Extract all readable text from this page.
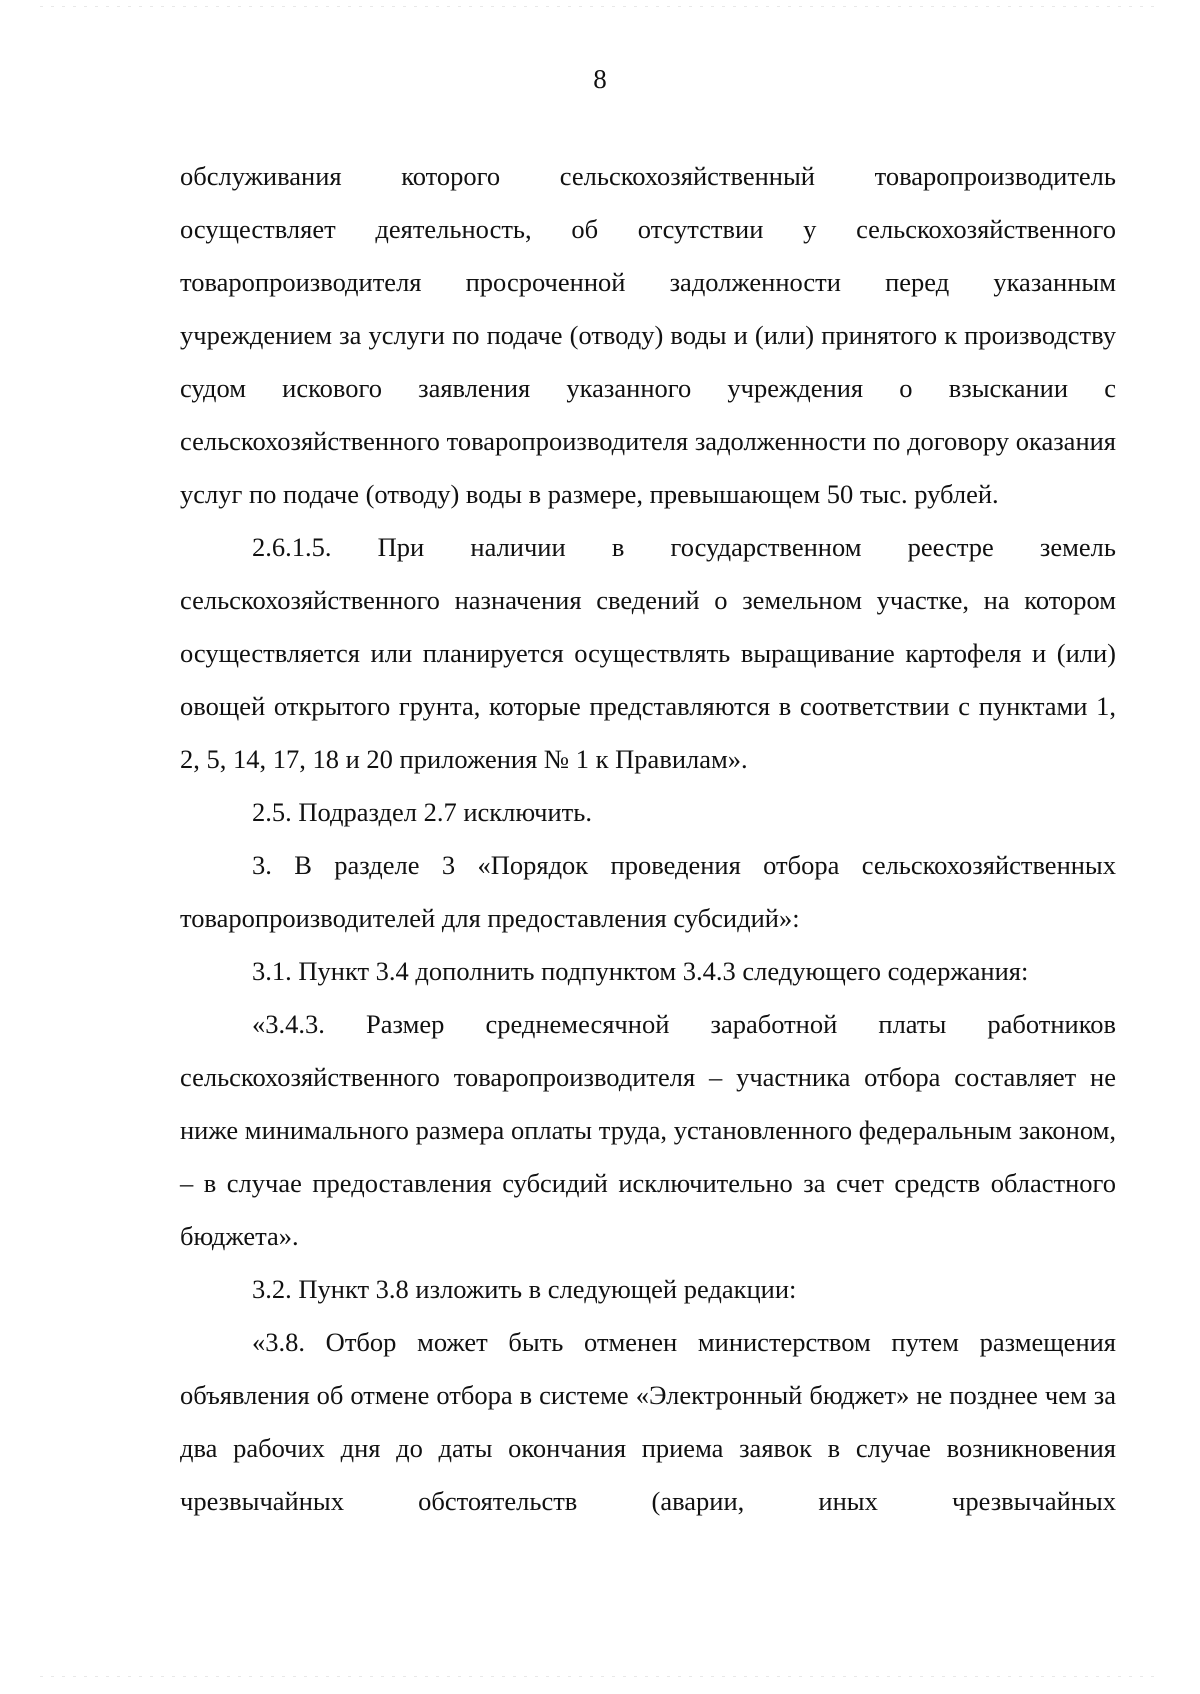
8

обслуживания которого сельскохозяйственный товаропроизводитель осуществляет деятельность, об отсутствии у сельскохозяйственного товаропроизводителя просроченной задолженности перед указанным учреждением за услуги по подаче (отводу) воды и (или) принятого к производству судом искового заявления указанного учреждения о взыскании с сельскохозяйственного товаропроизводителя задолженности по договору оказания услуг по подаче (отводу) воды в размере, превышающем 50 тыс. рублей.

2.6.1.5. При наличии в государственном реестре земель сельскохозяйственного назначения сведений о земельном участке, на котором осуществляется или планируется осуществлять выращивание картофеля и (или) овощей открытого грунта, которые представляются в соответствии с пунктами 1, 2, 5, 14, 17, 18 и 20 приложения № 1 к Правилам».

2.5. Подраздел 2.7 исключить.

3. В разделе 3 «Порядок проведения отбора сельскохозяйственных товаропроизводителей для предоставления субсидий»:

3.1. Пункт 3.4 дополнить подпунктом 3.4.3 следующего содержания:

«3.4.3. Размер среднемесячной заработной платы работников сельскохозяйственного товаропроизводителя – участника отбора составляет не ниже минимального размера оплаты труда, установленного федеральным законом, – в случае предоставления субсидий исключительно за счет средств областного бюджета».

3.2. Пункт 3.8 изложить в следующей редакции:

«3.8. Отбор может быть отменен министерством путем размещения объявления об отмене отбора в системе «Электронный бюджет» не позднее чем за два рабочих дня до даты окончания приема заявок в случае возникновения чрезвычайных обстоятельств (аварии, иных чрезвычайных
